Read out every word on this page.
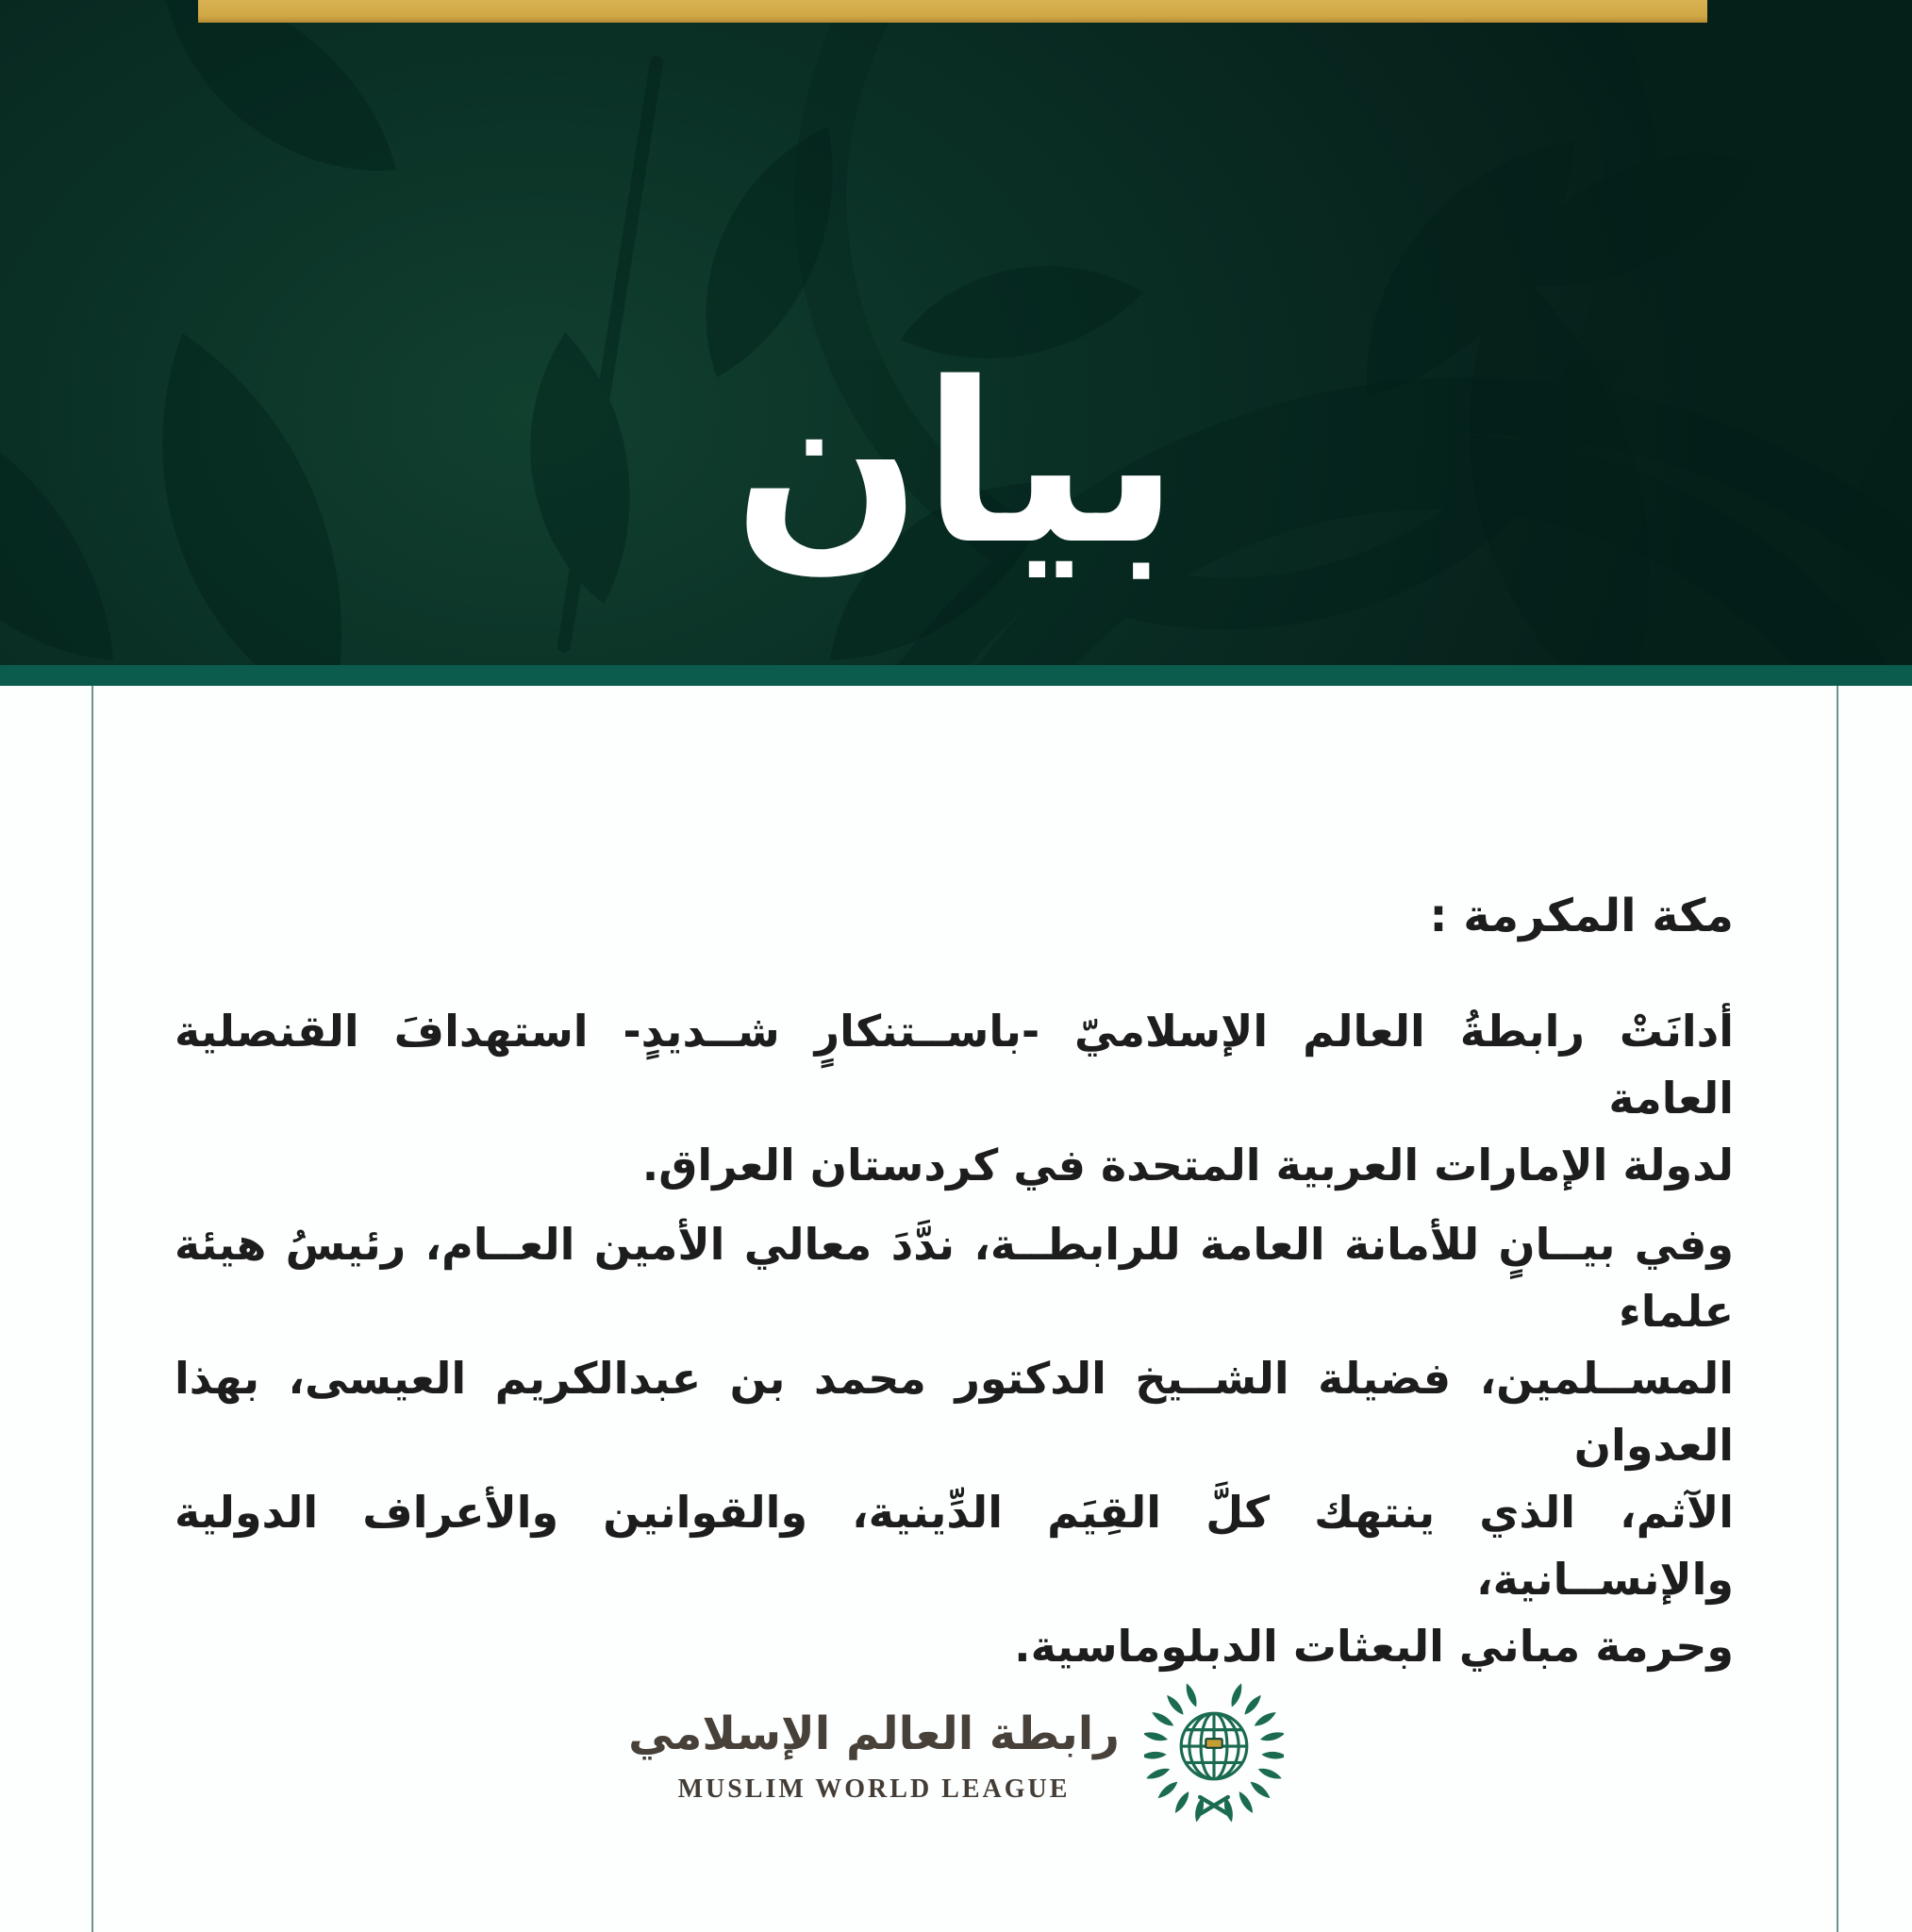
بيان
مكة المكرمة :
أدانَتْ رابطةُ العالم الإسلاميّ -باســتنكارٍ شــديدٍ- استهدافَ القنصلية العامة
لدولة الإمارات العربية المتحدة في كردستان العراق.
وفي بيــانٍ للأمانة العامة للرابطــة، ندَّدَ معالي الأمين العــام، رئيسُ هيئة علماء
المســلمين، فضيلة الشــيخ الدكتور محمد بن عبدالكريم العيسى، بهذا العدوان
الآثم، الذي ينتهك كلَّ القِيَم الدِّينية، والقوانين والأعراف الدولية والإنســانية،
وحرمة مباني البعثات الدبلوماسية.
رابطة العالم الإسلامي
MUSLIM WORLD LEAGUE
